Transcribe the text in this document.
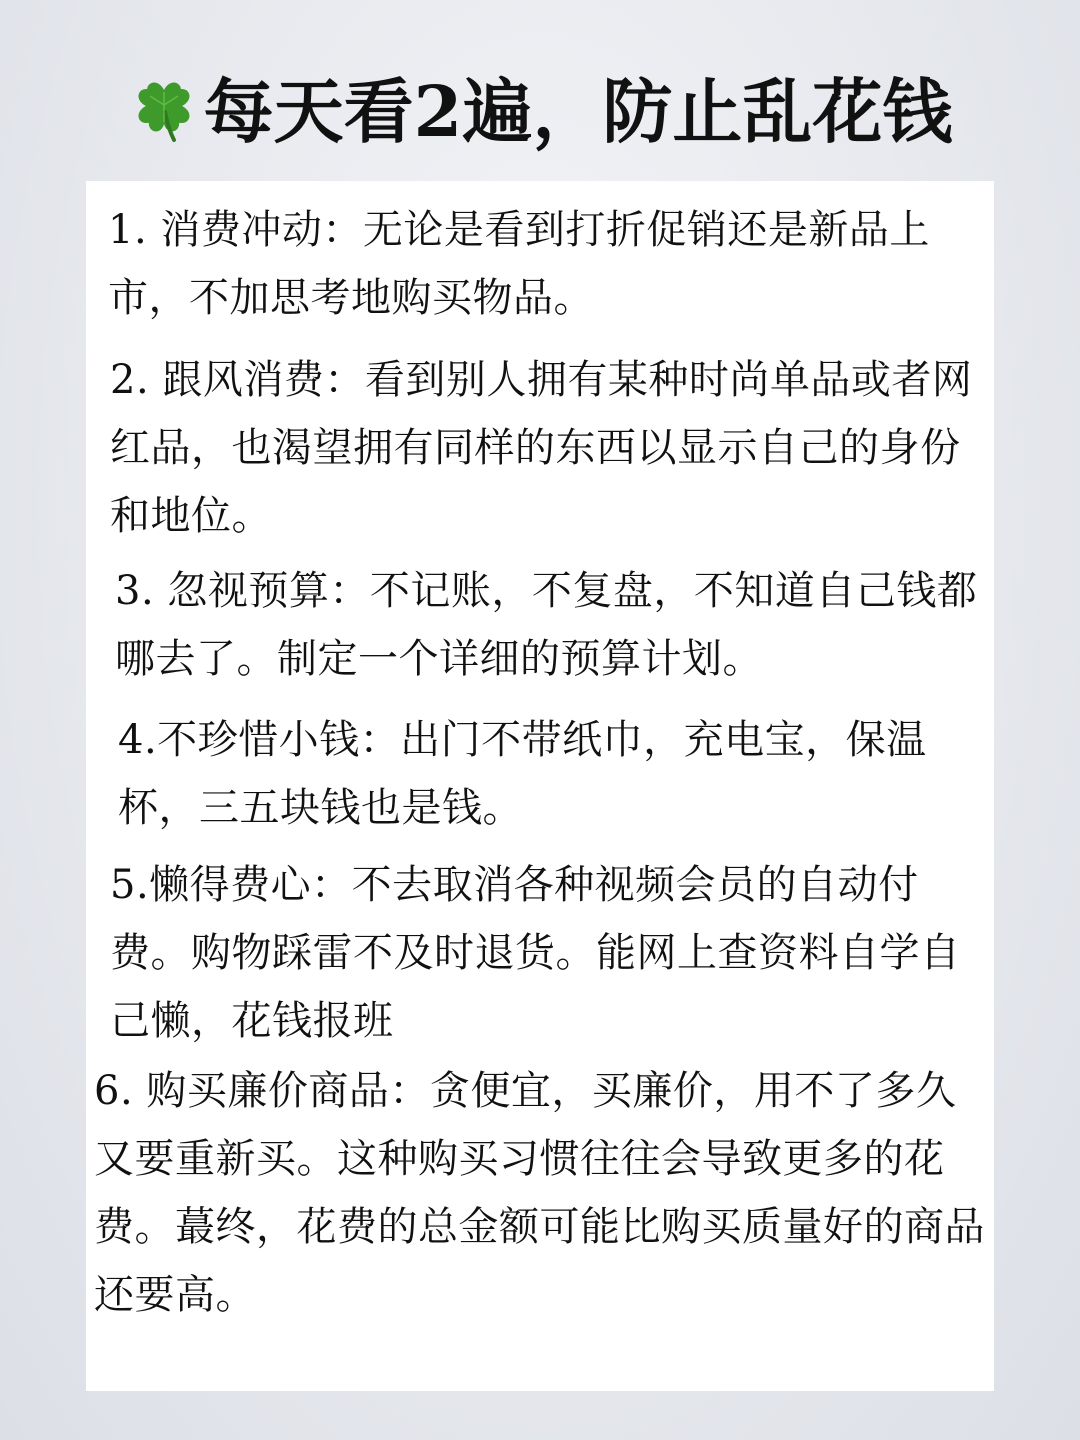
每天看2遍，防止乱花钱
1. 消费冲动：无论是看到打折促销还是新品上市，不加思考地购买物品。
2. 跟风消费：看到别人拥有某种时尚单品或者网红品，也渴望拥有同样的东西以显示自己的身份和地位。
3. 忽视预算：不记账，不复盘，不知道自己钱都哪去了。制定一个详细的预算计划。
4.不珍惜小钱：出门不带纸巾，充电宝，保温杯，三五块钱也是钱。
5.懒得费心：不去取消各种视频会员的自动付费。购物踩雷不及时退货。能网上查资料自学自己懒，花钱报班
6. 购买廉价商品：贪便宜，买廉价，用不了多久又要重新买。这种购买习惯往往会导致更多的花费。蕞终，花费的总金额可能比购买质量好的商品还要高。
